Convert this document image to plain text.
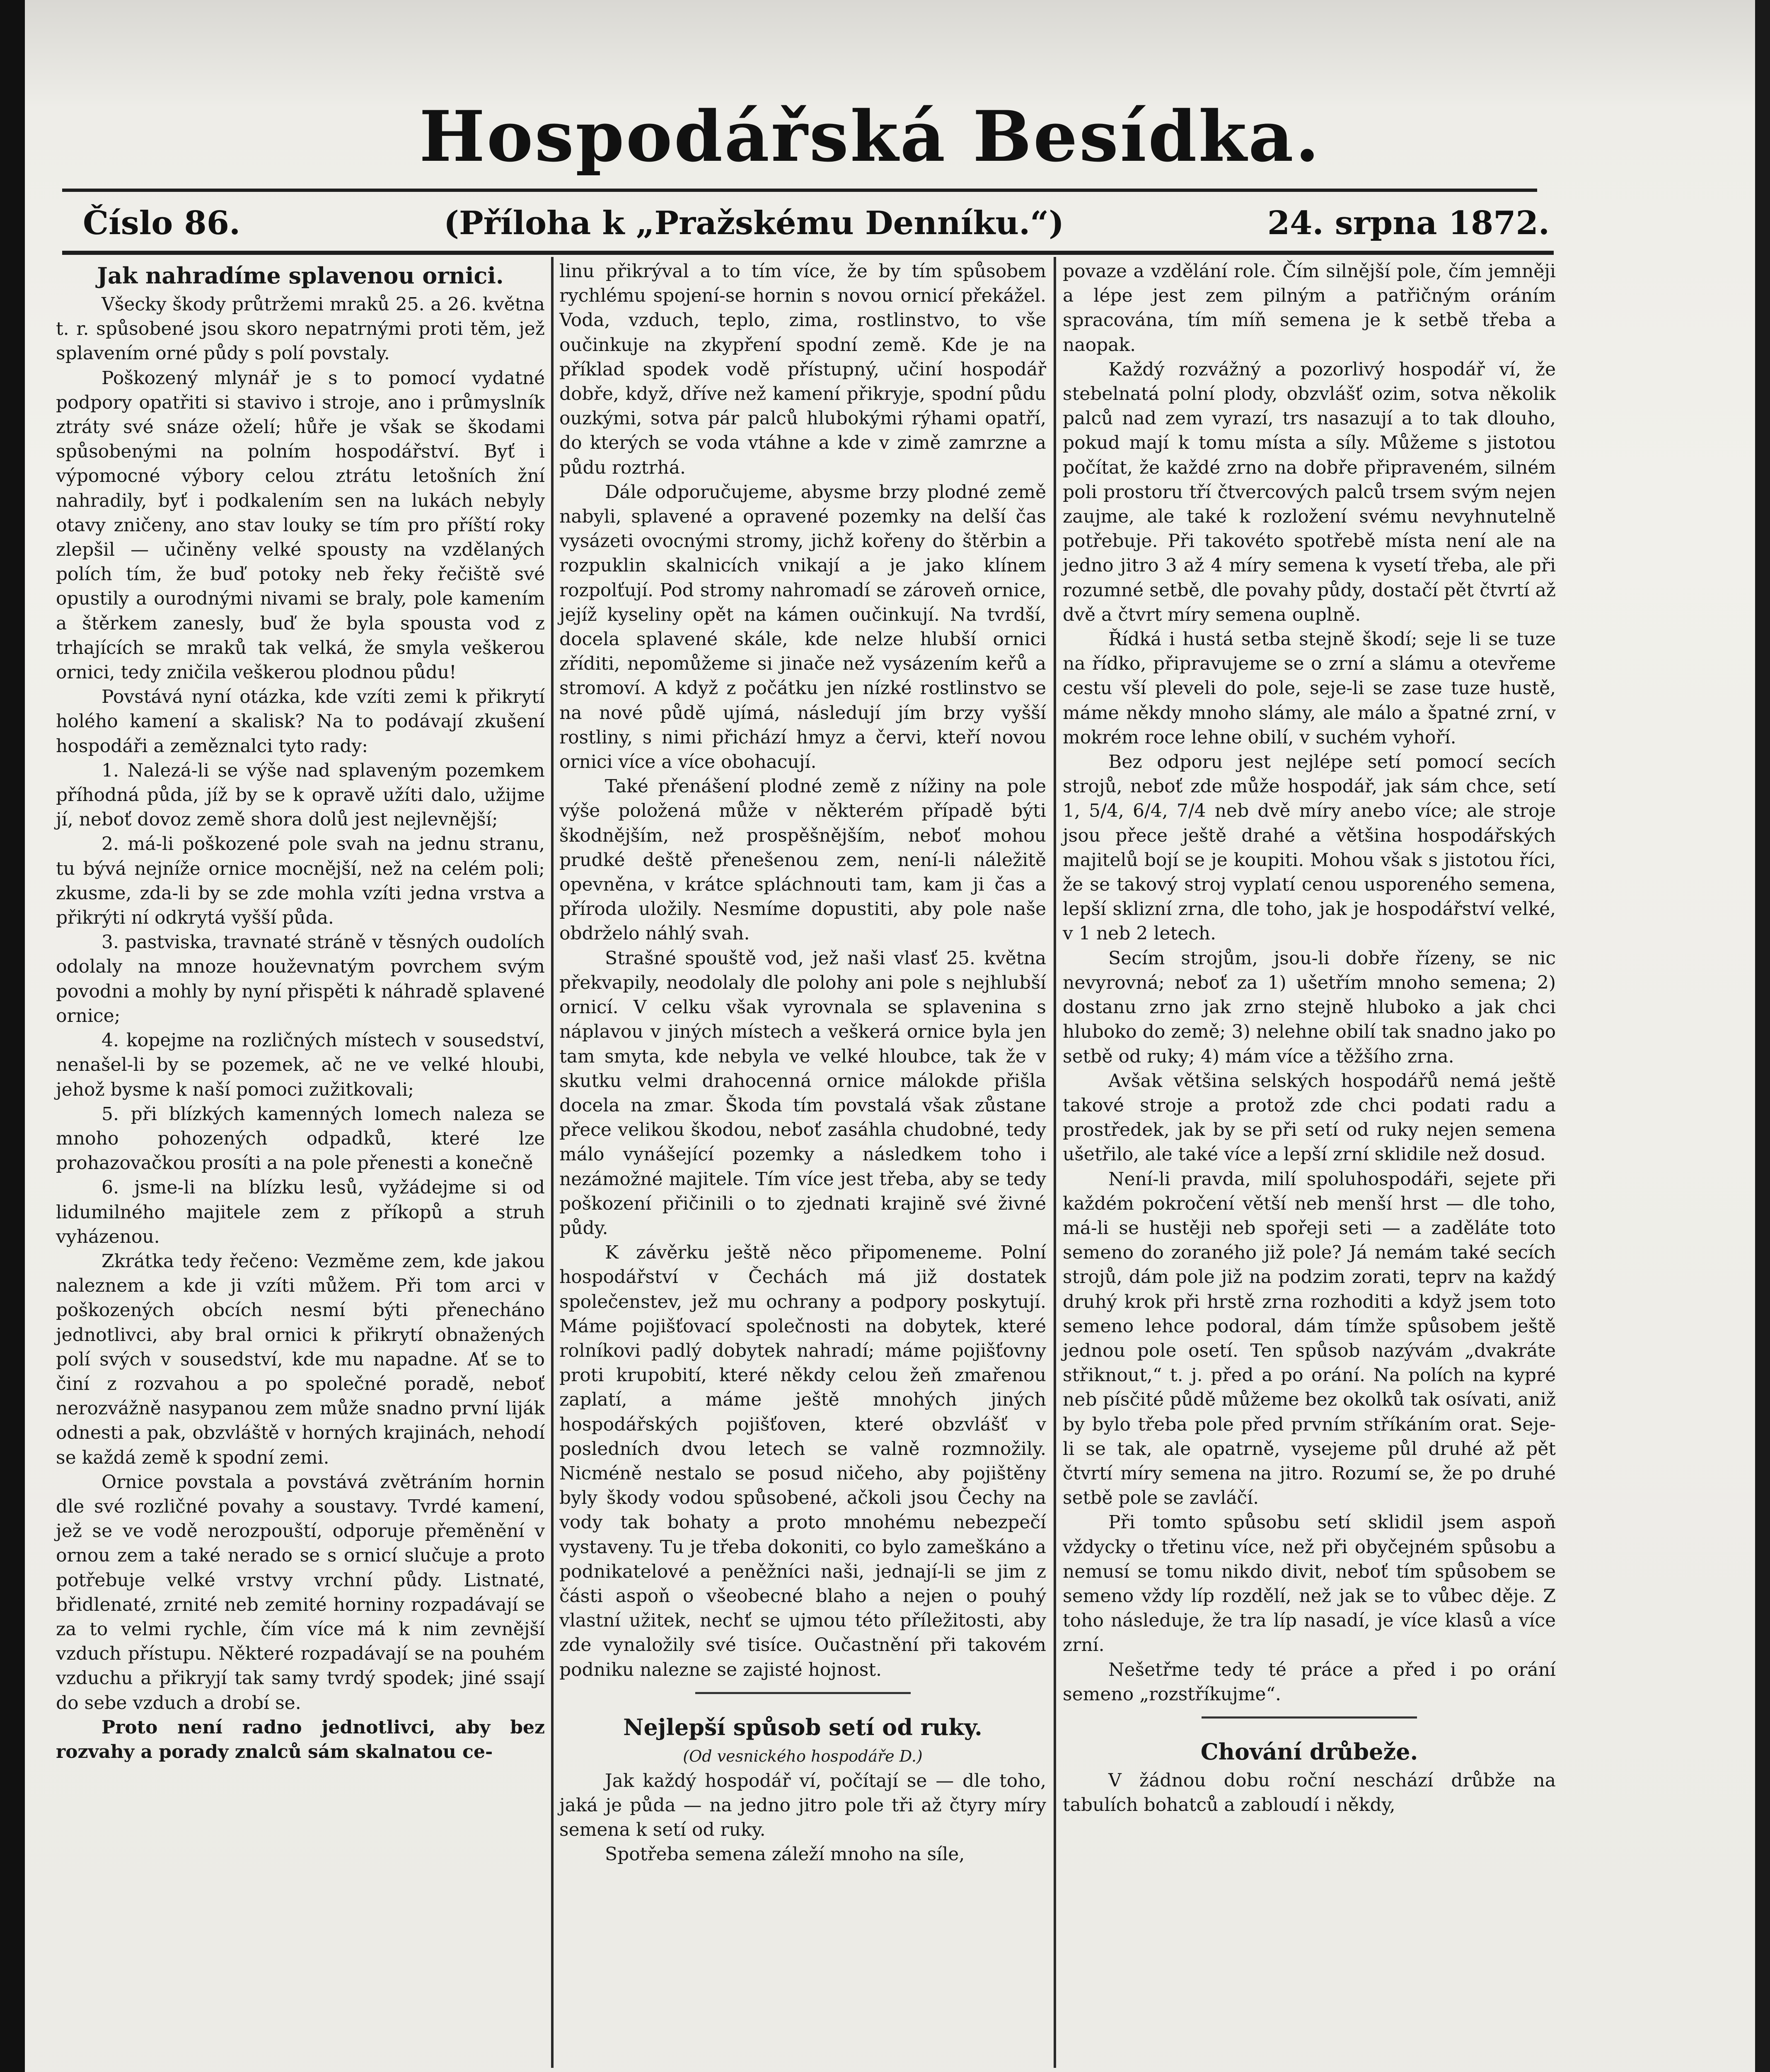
Hospodářská Besídka.
Číslo 86.	(Příloha k „Pražskému Denníku.“)	24. srpna 1872.
Jak nahradíme splavenou ornici.

Všecky škody průtržemi mraků 25. a 26. května t. r. spůsobené jsou skoro nepatrnými proti těm, jež splavením orné půdy s polí povstaly.

Poškozený mlynář je s to pomocí vydatné podpory opatřiti si stavivo i stroje, ano i průmyslník ztráty své snáze oželí; hůře je však se škodami spůsobenými na polním hospodářství. Byť i výpomocné výbory celou ztrátu letošních žní nahradily, byť i podkalením sen na lukách nebyly otavy zničeny, ano stav louky se tím pro příští roky zlepšil — učiněny velké spousty na vzdělaných polích tím, že buď potoky neb řeky řečiště své opustily a ourodnými nivami se braly, pole kamením a štěrkem zanesly, buď že byla spousta vod z trhajících se mraků tak velká, že smyla veškerou ornici, tedy zničila veškerou plodnou půdu!

Povstává nyní otázka, kde vzíti zemi k přikrytí holého kamení a skalisk? Na to podávají zkušení hospodáři a zeměznalci tyto rady:

1. Nalezá-li se výše nad splaveným pozemkem příhodná půda, jíž by se k opravě užíti dalo, užijme jí, neboť dovoz země shora dolů jest nejlevnější;

2. má-li poškozené pole svah na jednu stranu, tu bývá nejníže ornice mocnější, než na celém poli; zkusme, zda-li by se zde mohla vzíti jedna vrstva a přikrýti ní odkrytá vyšší půda.

3. pastviska, travnaté stráně v těsných oudolích odolaly na mnoze houževnatým povrchem svým povodni a mohly by nyní přispěti k náhradě splavené ornice;

4. kopejme na rozličných místech v sousedství, nenašel-li by se pozemek, ač ne ve velké hloubi, jehož bysme k naší pomoci zužitkovali;

5. při blízkých kamenných lomech naleza se mnoho pohozených odpadků, které lze prohazovačkou prosíti a na pole přenesti a konečně

6. jsme-li na blízku lesů, vyžádejme si od lidumilného majitele zem z příkopů a struh vyházenou.

Zkrátka tedy řečeno: Vezměme zem, kde jakou naleznem a kde ji vzíti můžem. Při tom arci v poškozených obcích nesmí býti přenecháno jednotlivci, aby bral ornici k přikrytí obnažených polí svých v sousedství, kde mu napadne. Ať se to činí z rozvahou a po společné poradě, neboť nerozvážně nasypanou zem může snadno první liják odnesti a pak, obzvláště v horných krajinách, nehodí se každá země k spodní zemi.

Ornice povstala a povstává zvětráním hornin dle své rozličné povahy a soustavy. Tvrdé kamení, jež se ve vodě nerozpouští, odporuje přeměnění v ornou zem a také nerado se s ornicí slučuje a proto potřebuje velké vrstvy vrchní půdy. Listnaté, břidlenaté, zrnité neb zemité horniny rozpadávají se za to velmi rychle, čím více má k nim zevnější vzduch přístupu. Některé rozpadávají se na pouhém vzduchu a přikryjí tak samy tvrdý spodek; jiné ssají do sebe vzduch a drobí se.

Proto není radno jednotlivci, aby bez rozvahy a porady znalců sám skalnatou ce-

linu přikrýval a to tím více, že by tím spůsobem rychlému spojení-se hornin s novou ornicí překážel. Voda, vzduch, teplo, zima, rostlinstvo, to vše oučinkuje na zkypření spodní země. Kde je na příklad spodek vodě přístupný, učiní hospodář dobře, když, dříve než kamení přikryje, spodní půdu ouzkými, sotva pár palců hlubokými rýhami opatří, do kterých se voda vtáhne a kde v zimě zamrzne a půdu roztrhá.

Dále odporučujeme, abysme brzy plodné země nabyli, splavené a opravené pozemky na delší čas vysázeti ovocnými stromy, jichž kořeny do štěrbin a rozpuklin skalnicích vnikají a je jako klínem rozpolťují. Pod stromy nahromadí se zároveň ornice, jejíž kyseliny opět na kámen oučinkují. Na tvrdší, docela splavené skále, kde nelze hlubší ornici zříditi, nepomůžeme si jinače než vysázením keřů a stromoví. A když z počátku jen nízké rostlinstvo se na nové půdě ujímá, následují jím brzy vyšší rostliny, s nimi přichází hmyz a červi, kteří novou ornici více a více obohacují.

Také přenášení plodné země z nížiny na pole výše položená může v některém případě býti škodnějším, než prospěšnějším, neboť mohou prudké deště přenešenou zem, není-li náležitě opevněna, v krátce spláchnouti tam, kam ji čas a příroda uložily. Nesmíme dopustiti, aby pole naše obdrželo náhlý svah.

Strašné spouště vod, jež naši vlasť 25. května překvapily, neodolaly dle polohy ani pole s nejhlubší ornicí. V celku však vyrovnala se splavenina s náplavou v jiných místech a veškerá ornice byla jen tam smyta, kde nebyla ve velké hloubce, tak že v skutku velmi drahocenná ornice málokde přišla docela na zmar. Škoda tím povstalá však zůstane přece velikou škodou, neboť zasáhla chudobné, tedy málo vynášející pozemky a následkem toho i nezámožné majitele. Tím více jest třeba, aby se tedy poškození přičinili o to zjednati krajině své živné půdy.

K závěrku ještě něco připomeneme. Polní hospodářství v Čechách má již dostatek společenstev, jež mu ochrany a podpory poskytují. Máme pojišťovací společnosti na dobytek, které rolníkovi padlý dobytek nahradí; máme pojišťovny proti krupobití, které někdy celou žeň zmařenou zaplatí, a máme ještě mnohých jiných hospodářských pojišťoven, které obzvlášť v posledních dvou letech se valně rozmnožily. Nicméně nestalo se posud ničeho, aby pojištěny byly škody vodou spůsobené, ačkoli jsou Čechy na vody tak bohaty a proto mnohému nebezpečí vystaveny. Tu je třeba dokoniti, co bylo zameškáno a podnikatelové a peněžníci naši, jednají-li se jim z části aspoň o všeobecné blaho a nejen o pouhý vlastní užitek, nechť se ujmou této příležitosti, aby zde vynaložily své tisíce. Oučastnění při takovém podniku nalezne se zajisté hojnost.

Nejlepší spůsob setí od ruky.
(Od vesnického hospodáře D.)

Jak každý hospodář ví, počítají se — dle toho, jaká je půda — na jedno jitro pole tři až čtyry míry semena k setí od ruky.

Spotřeba semena záleží mnoho na síle,

povaze a vzdělání role. Čím silnější pole, čím jemněji a lépe jest zem pilným a patřičným oráním spracována, tím míň semena je k setbě třeba a naopak.

Každý rozvážný a pozorlivý hospodář ví, že stebelnatá polní plody, obzvlášť ozim, sotva několik palců nad zem vyrazí, trs nasazují a to tak dlouho, pokud mají k tomu místa a síly. Můžeme s jistotou počítat, že každé zrno na dobře připraveném, silném poli prostoru tří čtvercových palců trsem svým nejen zaujme, ale také k rozložení svému nevyhnutelně potřebuje. Při takovéto spotřebě místa není ale na jedno jitro 3 až 4 míry semena k vysetí třeba, ale při rozumné setbě, dle povahy půdy, dostačí pět čtvrtí až dvě a čtvrt míry semena ouplně.

Řídká i hustá setba stejně škodí; seje li se tuze na řídko, připravujeme se o zrní a slámu a otevřeme cestu vší pleveli do pole, seje-li se zase tuze hustě, máme někdy mnoho slámy, ale málo a špatné zrní, v mokrém roce lehne obilí, v suchém vyhoří.

Bez odporu jest nejlépe setí pomocí secích strojů, neboť zde může hospodář, jak sám chce, setí 1, 5/4, 6/4, 7/4 neb dvě míry anebo více; ale stroje jsou přece ještě drahé a většina hospodářských majitelů bojí se je koupiti. Mohou však s jistotou říci, že se takový stroj vyplatí cenou usporeného semena, lepší sklizní zrna, dle toho, jak je hospodářství velké, v 1 neb 2 letech.

Secím strojům, jsou-li dobře řízeny, se nic nevyrovná; neboť za 1) ušetřím mnoho semena; 2) dostanu zrno jak zrno stejně hluboko a jak chci hluboko do země; 3) nelehne obilí tak snadno jako po setbě od ruky; 4) mám více a těžšího zrna.

Avšak většina selských hospodářů nemá ještě takové stroje a protož zde chci podati radu a prostředek, jak by se při setí od ruky nejen semena ušetřilo, ale také více a lepší zrní sklidile než dosud.

Není-li pravda, milí spoluhospodáři, sejete při každém pokročení větší neb menší hrst — dle toho, má-li se hustěji neb spořeji seti — a zaděláte toto semeno do zoraného již pole? Já nemám také secích strojů, dám pole již na podzim zorati, teprv na každý druhý krok při hrstě zrna rozhoditi a když jsem toto semeno lehce podoral, dám tímže spůsobem ještě jednou pole osetí. Ten spůsob nazývám „dvakráte střiknout,“ t. j. před a po orání. Na polích na kypré neb písčité půdě můžeme bez okolků tak osívati, aniž by bylo třeba pole před prvním stříkáním orat. Seje-li se tak, ale opatrně, vysejeme půl druhé až pět čtvrtí míry semena na jitro. Rozumí se, že po druhé setbě pole se zavláčí.

Při tomto spůsobu setí sklidil jsem aspoň vždycky o třetinu více, než při obyčejném spůsobu a nemusí se tomu nikdo divit, neboť tím spůsobem se semeno vždy líp rozdělí, než jak se to vůbec děje. Z toho následuje, že tra líp nasadí, je více klasů a více zrní.

Nešetřme tedy té práce a před i po orání semeno „rozstříkujme“.

Chování drůbeže.

V žádnou dobu roční neschází drůbže na tabulích bohatců a zabloudí i někdy,
